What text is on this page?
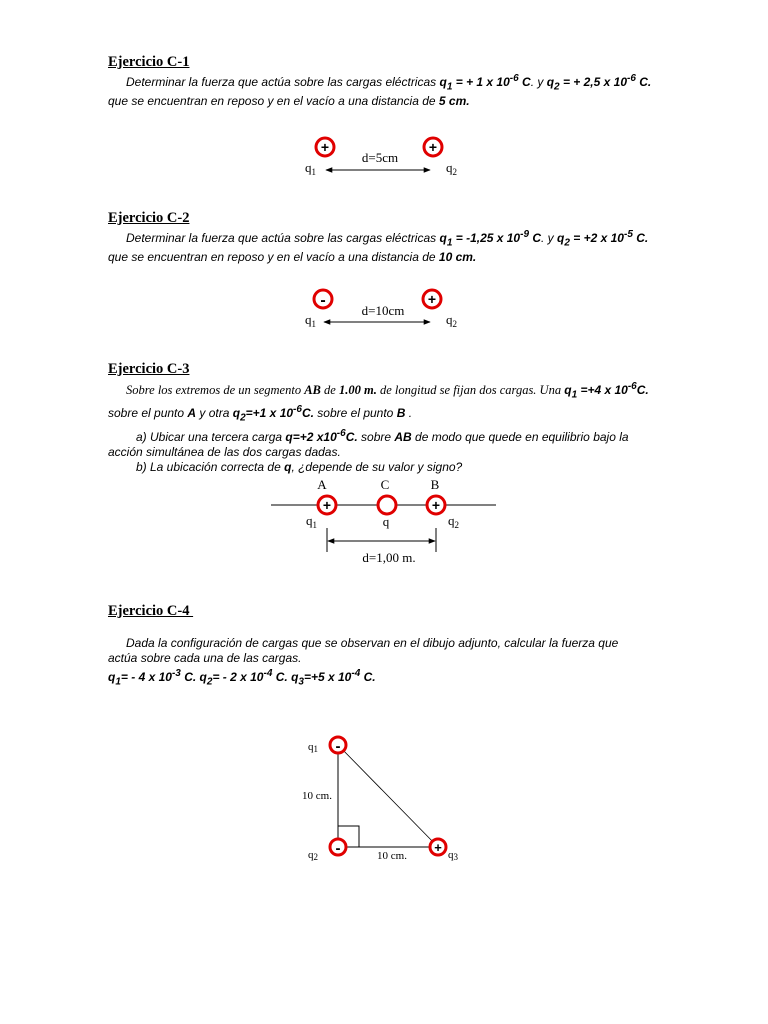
Ejercicio C-1
Determinar la fuerza que actúa sobre las cargas eléctricas $q_1$ = + 1 x $10^{-6}$ C. y $q_2$ = + 2,5 x $10^{-6}$ C.
que se encuentran en reposo y en el vacío a una distancia de 5 cm.
Ejercicio C-2
Determinar la fuerza que actúa sobre las cargas eléctricas $q_1 = -1,25$ x $10^{-9}$ C. y $q_2 = +2$ x $10^{-5}$ C.
que se encuentran en reposo y en el vacío a una distancia de 10 cm.
Ejercicio C-3
Sobre los extremos de un segmento AB de 1.00 m. de longitud se fijan dos cargas. Una $q_1 =+4$ x $10^{-6}C$.
sobre el punto A y otra $q_2=+1$ x $10^{-6}C$. sobre el punto B .
a) Ubicar una tercera carga q=+2 $x10^{-6}C$. sobre AB de modo que quede en equilibrio bajo la
acción simultánea de las dos cargas dadas.
b) La ubicación correcta de q, ¿depende de su valor y signo?
Ejercicio C-4
Dada la configuración de cargas que se observan en el dibujo adjunto, calcular la fuerza que
actúa sobre cada una de las cargas.
$q_1= - 4$ x $10^{-3}$ C. $q_2= - 2$ x $10^{-4}$ C. $q_3=+5$ x $10^{-4}$ C.
+	+
d=5cm
$q_1$	$q_2$
-	+
d=10cm
$q_1$	$q_2$
+	+
A	C	B
$q_1$	q	$q_2$
d=1,00 m.
-
-	+
q1
q2	q3
10 cm.
10 cm.
